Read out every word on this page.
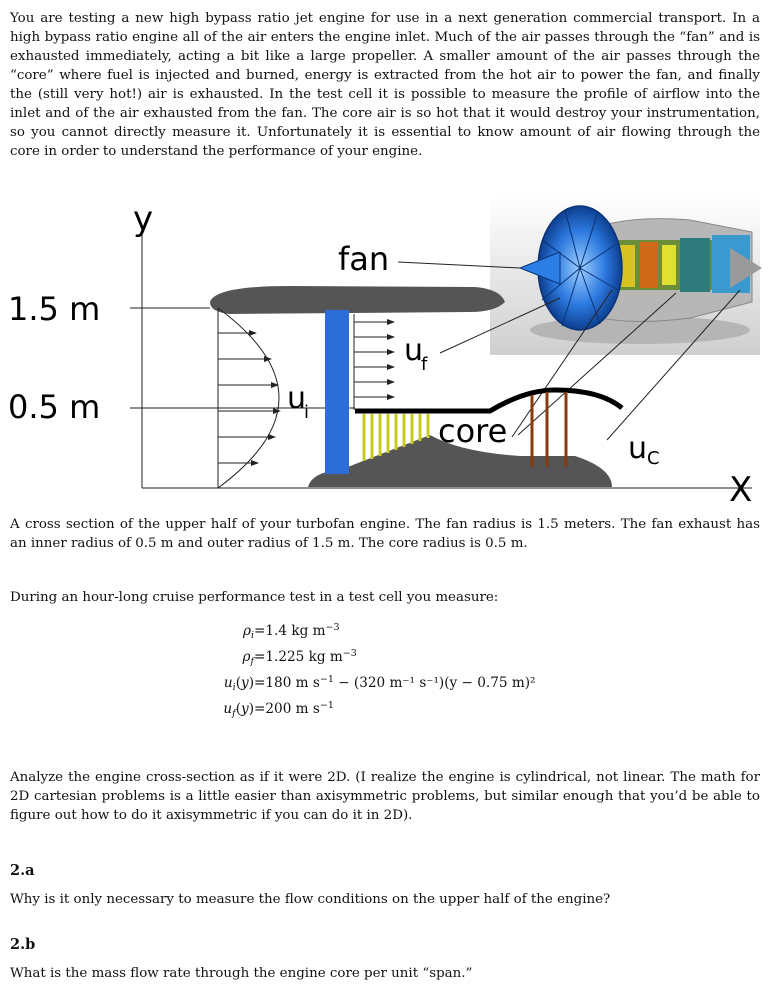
You are testing a new high bypass ratio jet engine for use in a next generation commercial transport. In a high bypass ratio engine all of the air enters the engine inlet. Much of the air passes through the “fan” and is exhausted immediately, acting a bit like a large propeller. A smaller amount of the air passes through the “core” where fuel is injected and burned, energy is extracted from the hot air to power the fan, and finally the (still very hot!) air is exhausted. In the test cell it is possible to measure the profile of airflow into the inlet and of the air exhausted from the fan. The core air is so hot that it would destroy your instrumentation, so you cannot directly measure it. Unfortunately it is essential to know amount of air flowing through the core in order to understand the performance of your engine.

y
X
1.5 m
0.5 m
fan
u
f
u
i	core	u C

A cross section of the upper half of your turbofan engine. The fan radius is 1.5 meters. The fan exhaust has an inner radius of 0.5 m and outer radius of 1.5 m. The core radius is 0.5 m.

During an hour-long cruise performance test in a test cell you measure:

$\rho_i=1.4$ kg $m^{-3}$
$\rho_f=1.225$ kg $m^{-3}$
$u_i(y)=180$ m $s^{-1} - (320$ m⁻¹ s⁻¹)(y − 0.75 m)²
$u_f(y)=200$ m $s^{-1}$

Analyze the engine cross-section as if it were 2D. (I realize the engine is cylindrical, not linear. The math for 2D cartesian problems is a little easier than axisymmetric problems, but similar enough that you’d be able to figure out how to do it axisymmetric if you can do it in 2D).

2.a

Why is it only necessary to measure the flow conditions on the upper half of the engine?

2.b

What is the mass flow rate through the engine core per unit “span.”
